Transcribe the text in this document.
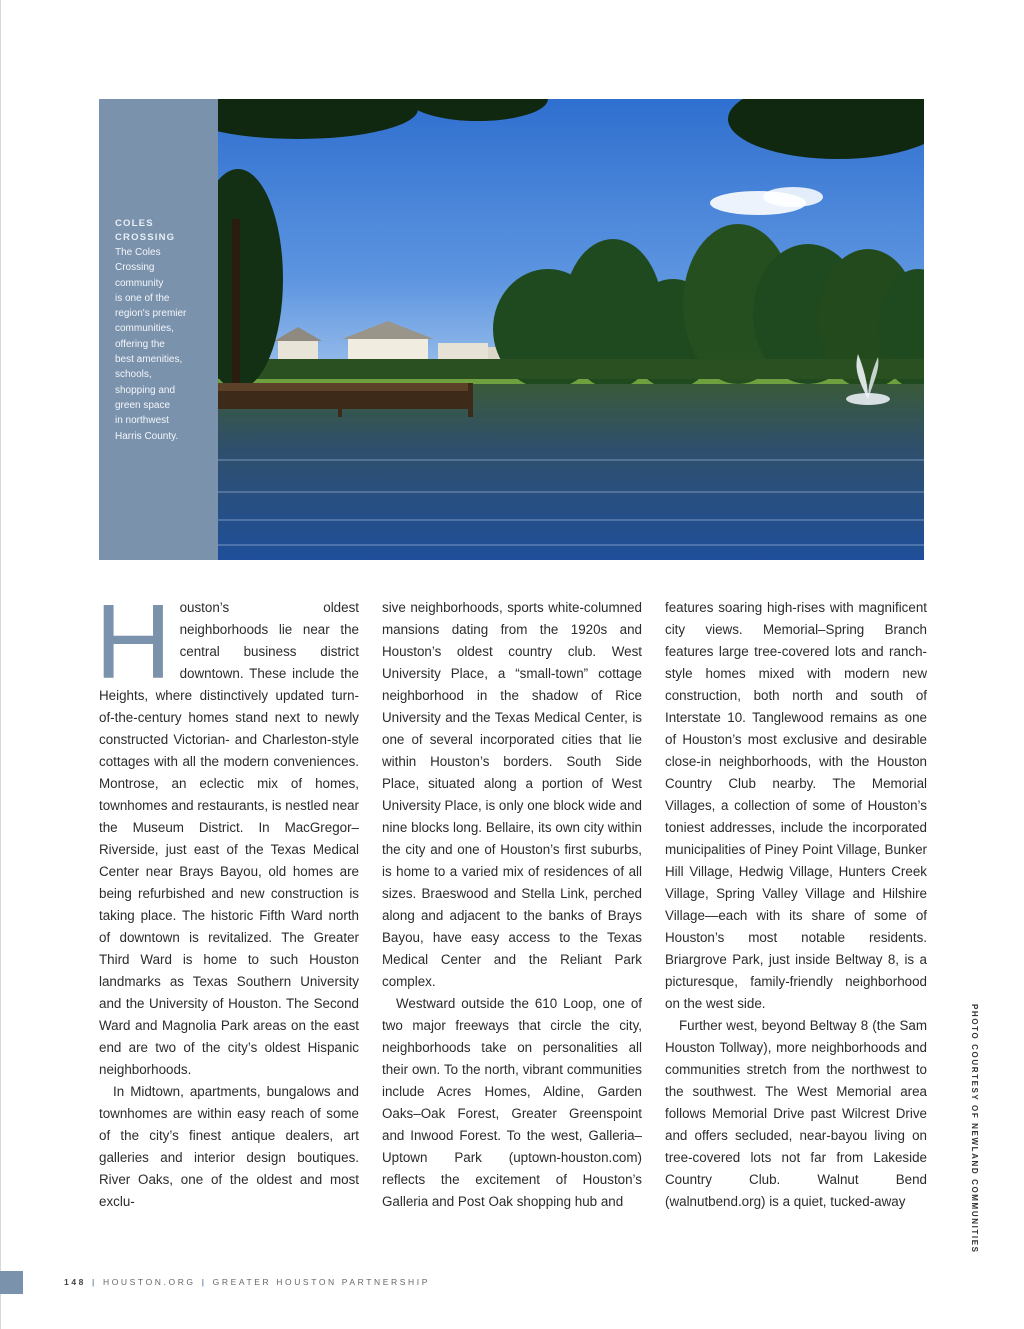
COLES
CROSSING
The Coles
Crossing
community
is one of the
region's premier
communities,
offering the
best amenities,
schools,
shopping and
green space
in northwest
Harris County.

Houston’s oldest neighborhoods lie near the central business district downtown. These include the Heights, where distinctively updated turn-of-the-century homes stand next to newly constructed Victorian- and Charleston-style cottages with all the modern conveniences. Montrose, an eclectic mix of homes, townhomes and restaurants, is nestled near the Museum District. In MacGregor–Riverside, just east of the Texas Medical Center near Brays Bayou, old homes are being refurbished and new construction is taking place. The historic Fifth Ward north of downtown is revitalized. The Greater Third Ward is home to such Houston landmarks as Texas Southern University and the University of Houston. The Second Ward and Magnolia Park areas on the east end are two of the city’s oldest Hispanic neighborhoods.

In Midtown, apartments, bungalows and townhomes are within easy reach of some of the city’s finest antique dealers, art galleries and interior design boutiques. River Oaks, one of the oldest and most exclu-

sive neighborhoods, sports white-columned mansions dating from the 1920s and Houston’s oldest country club. West University Place, a “small-town” cottage neighborhood in the shadow of Rice University and the Texas Medical Center, is one of several incorporated cities that lie within Houston’s borders. South Side Place, situated along a portion of West University Place, is only one block wide and nine blocks long. Bellaire, its own city within the city and one of Houston’s first suburbs, is home to a varied mix of residences of all sizes. Braeswood and Stella Link, perched along and adjacent to the banks of Brays Bayou, have easy access to the Texas Medical Center and the Reliant Park complex.

Westward outside the 610 Loop, one of two major freeways that circle the city, neighborhoods take on personalities all their own. To the north, vibrant communities include Acres Homes, Aldine, Garden Oaks–Oak Forest, Greater Greenspoint and Inwood Forest. To the west, Galleria–Uptown Park (uptown-houston.com) reflects the excitement of Houston’s Galleria and Post Oak shopping hub and

features soaring high-rises with magnificent city views. Memorial–Spring Branch features large tree-covered lots and ranch-style homes mixed with modern new construction, both north and south of Interstate 10. Tanglewood remains as one of Houston’s most exclusive and desirable close-in neighborhoods, with the Houston Country Club nearby. The Memorial Villages, a collection of some of Houston’s toniest addresses, include the incorporated municipalities of Piney Point Village, Bunker Hill Village, Hedwig Village, Hunters Creek Village, Spring Valley Village and Hilshire Village—each with its share of some of Houston’s most notable residents. Briargrove Park, just inside Beltway 8, is a picturesque, family-friendly neighborhood on the west side.

Further west, beyond Beltway 8 (the Sam Houston Tollway), more neighborhoods and communities stretch from the northwest to the southwest. The West Memorial area follows Memorial Drive past Wilcrest Drive and offers secluded, near-bayou living on tree-covered lots not far from Lakeside Country Club. Walnut Bend (walnutbend.org) is a quiet, tucked-away	PHOTO COURTESY OF NEWLAND COMMUNITIES
148 | HOUSTON.ORG | GREATER HOUSTON PARTNERSHIP
